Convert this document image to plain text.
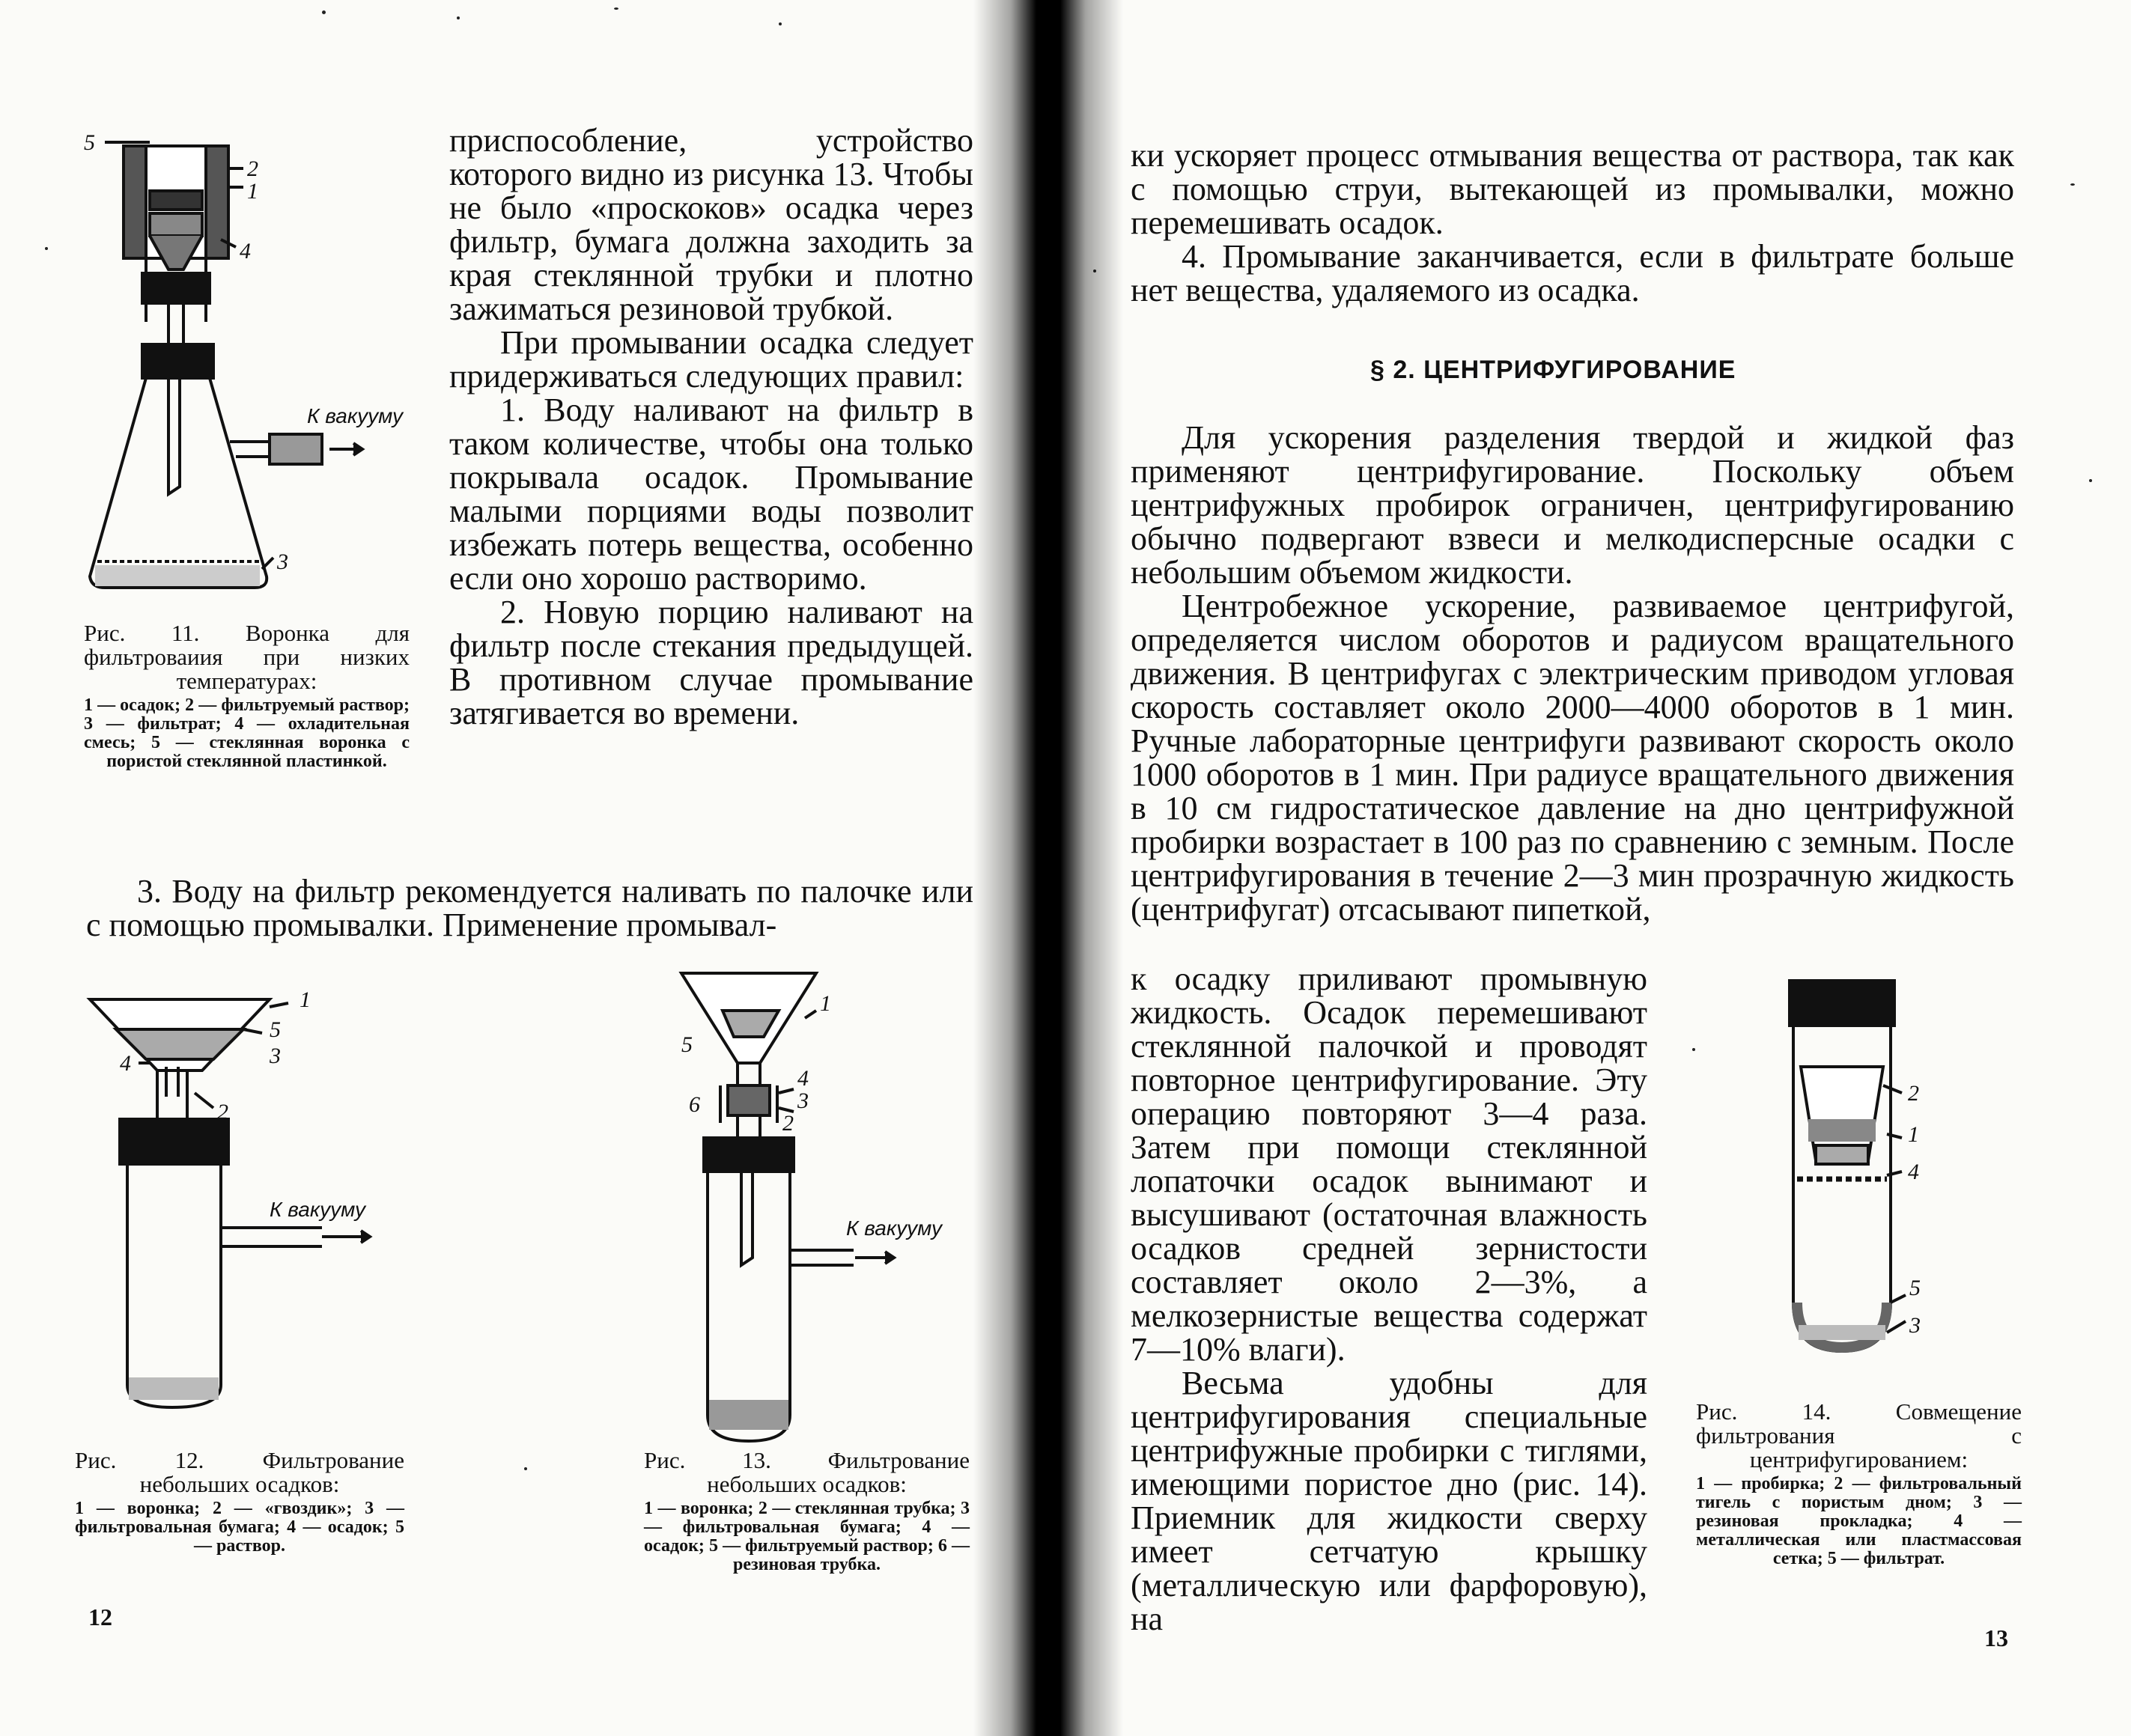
5
2
1
4
3
К вакууму

Рис. 11. Воронка для фильтроваиия при низких температурах:

1 — осадок; 2 — фильтруемый раствор; 3 — фильтрат; 4 — охладительная смесь; 5 — стеклянная воронка с пористой стеклянной пластинкой.

приспособление, устройство которого видно из рисунка 13. Чтобы не было «проскоков» осадка через фильтр, бумага должна заходить за края стеклянной трубки и плотно зажиматься резиновой трубкой.

При промывании осадка следует придерживаться следующих правил:

1. Воду наливают на фильтр в таком количестве, чтобы она только покрывала осадок. Промывание малыми порциями воды позволит избежать потерь вещества, особенно если оно хорошо растворимо.

2. Новую порцию наливают на фильтр после стекания предыдущей. В противном случае промывание затягивается во времени.

3. Воду на фильтр рекомендуется наливать по палочке или с помощью промывалки. Применение промывал-

1
5
4	3
2
К вакууму

Рис. 12. Фильтрование небольших осадков:

1 — воронка; 2 — «гвоздик»; 3 — фильтровальная бумага; 4 — осадок; 5 — раствор.

1
5
4
6	3
2
К вакууму

Рис. 13. Фильтрование небольших осадков:

1 — воронка; 2 — стеклянная трубка; 3 — фильтровальная бумага; 4 — осадок; 5 — фильтруемый раствор; 6 — резиновая трубка.

12

ки ускоряет процесс отмывания вещества от раствора, так как с помощью струи, вытекающей из промывалки, можно перемешивать осадок.

4. Промывание заканчивается, если в фильтрате больше нет вещества, удаляемого из осадка.

§ 2. ЦЕНТРИФУГИРОВАНИЕ

Для ускорения разделения твердой и жидкой фаз применяют центрифугирование. Поскольку объем центрифужных пробирок ограничен, центрифугированию обычно подвергают взвеси и мелкодисперсные осадки с небольшим объемом жидкости.

Центробежное ускорение, развиваемое центрифугой, определяется числом оборотов и радиусом вращательного движения. В центрифугах с электрическим приводом угловая скорость составляет около 2000—4000 оборотов в 1 мин. Ручные лабораторные центрифуги развивают скорость около 1000 оборотов в 1 мин. При радиусе вращательного движения в 10 см гидростатическое давление на дно центрифужной пробирки возрастает в 100 раз по сравнению с земным. После центрифугирования в течение 2—3 мин прозрачную жидкость (центрифугат) отсасывают пипеткой,

к осадку приливают промывную жидкость. Осадок перемешивают стеклянной палочкой и проводят повторное центрифугирование. Эту операцию повторяют 3—4 раза. Затем при помощи стеклянной лопаточки осадок вынимают и высушивают (остаточная влажность осадков средней зернистости составляет около 2—3%, а мелкозернистые вещества содержат 7—10% влаги).

Весьма удобны для центрифугирования специальные центрифужные пробирки с тиглями, имеющими пористое дно (рис. 14). Приемник для жидкости сверху имеет сетчатую крышку (металлическую или фарфоровую), на

2
1
4
5
3

Рис. 14. Совмещение фильтрования с центрифугированием:

1 — пробирка; 2 — фильтровальный тигель с пористым дном; 3 — резиновая прокладка; 4 — металлическая или пластмассовая сетка; 5 — фильтрат.

13
